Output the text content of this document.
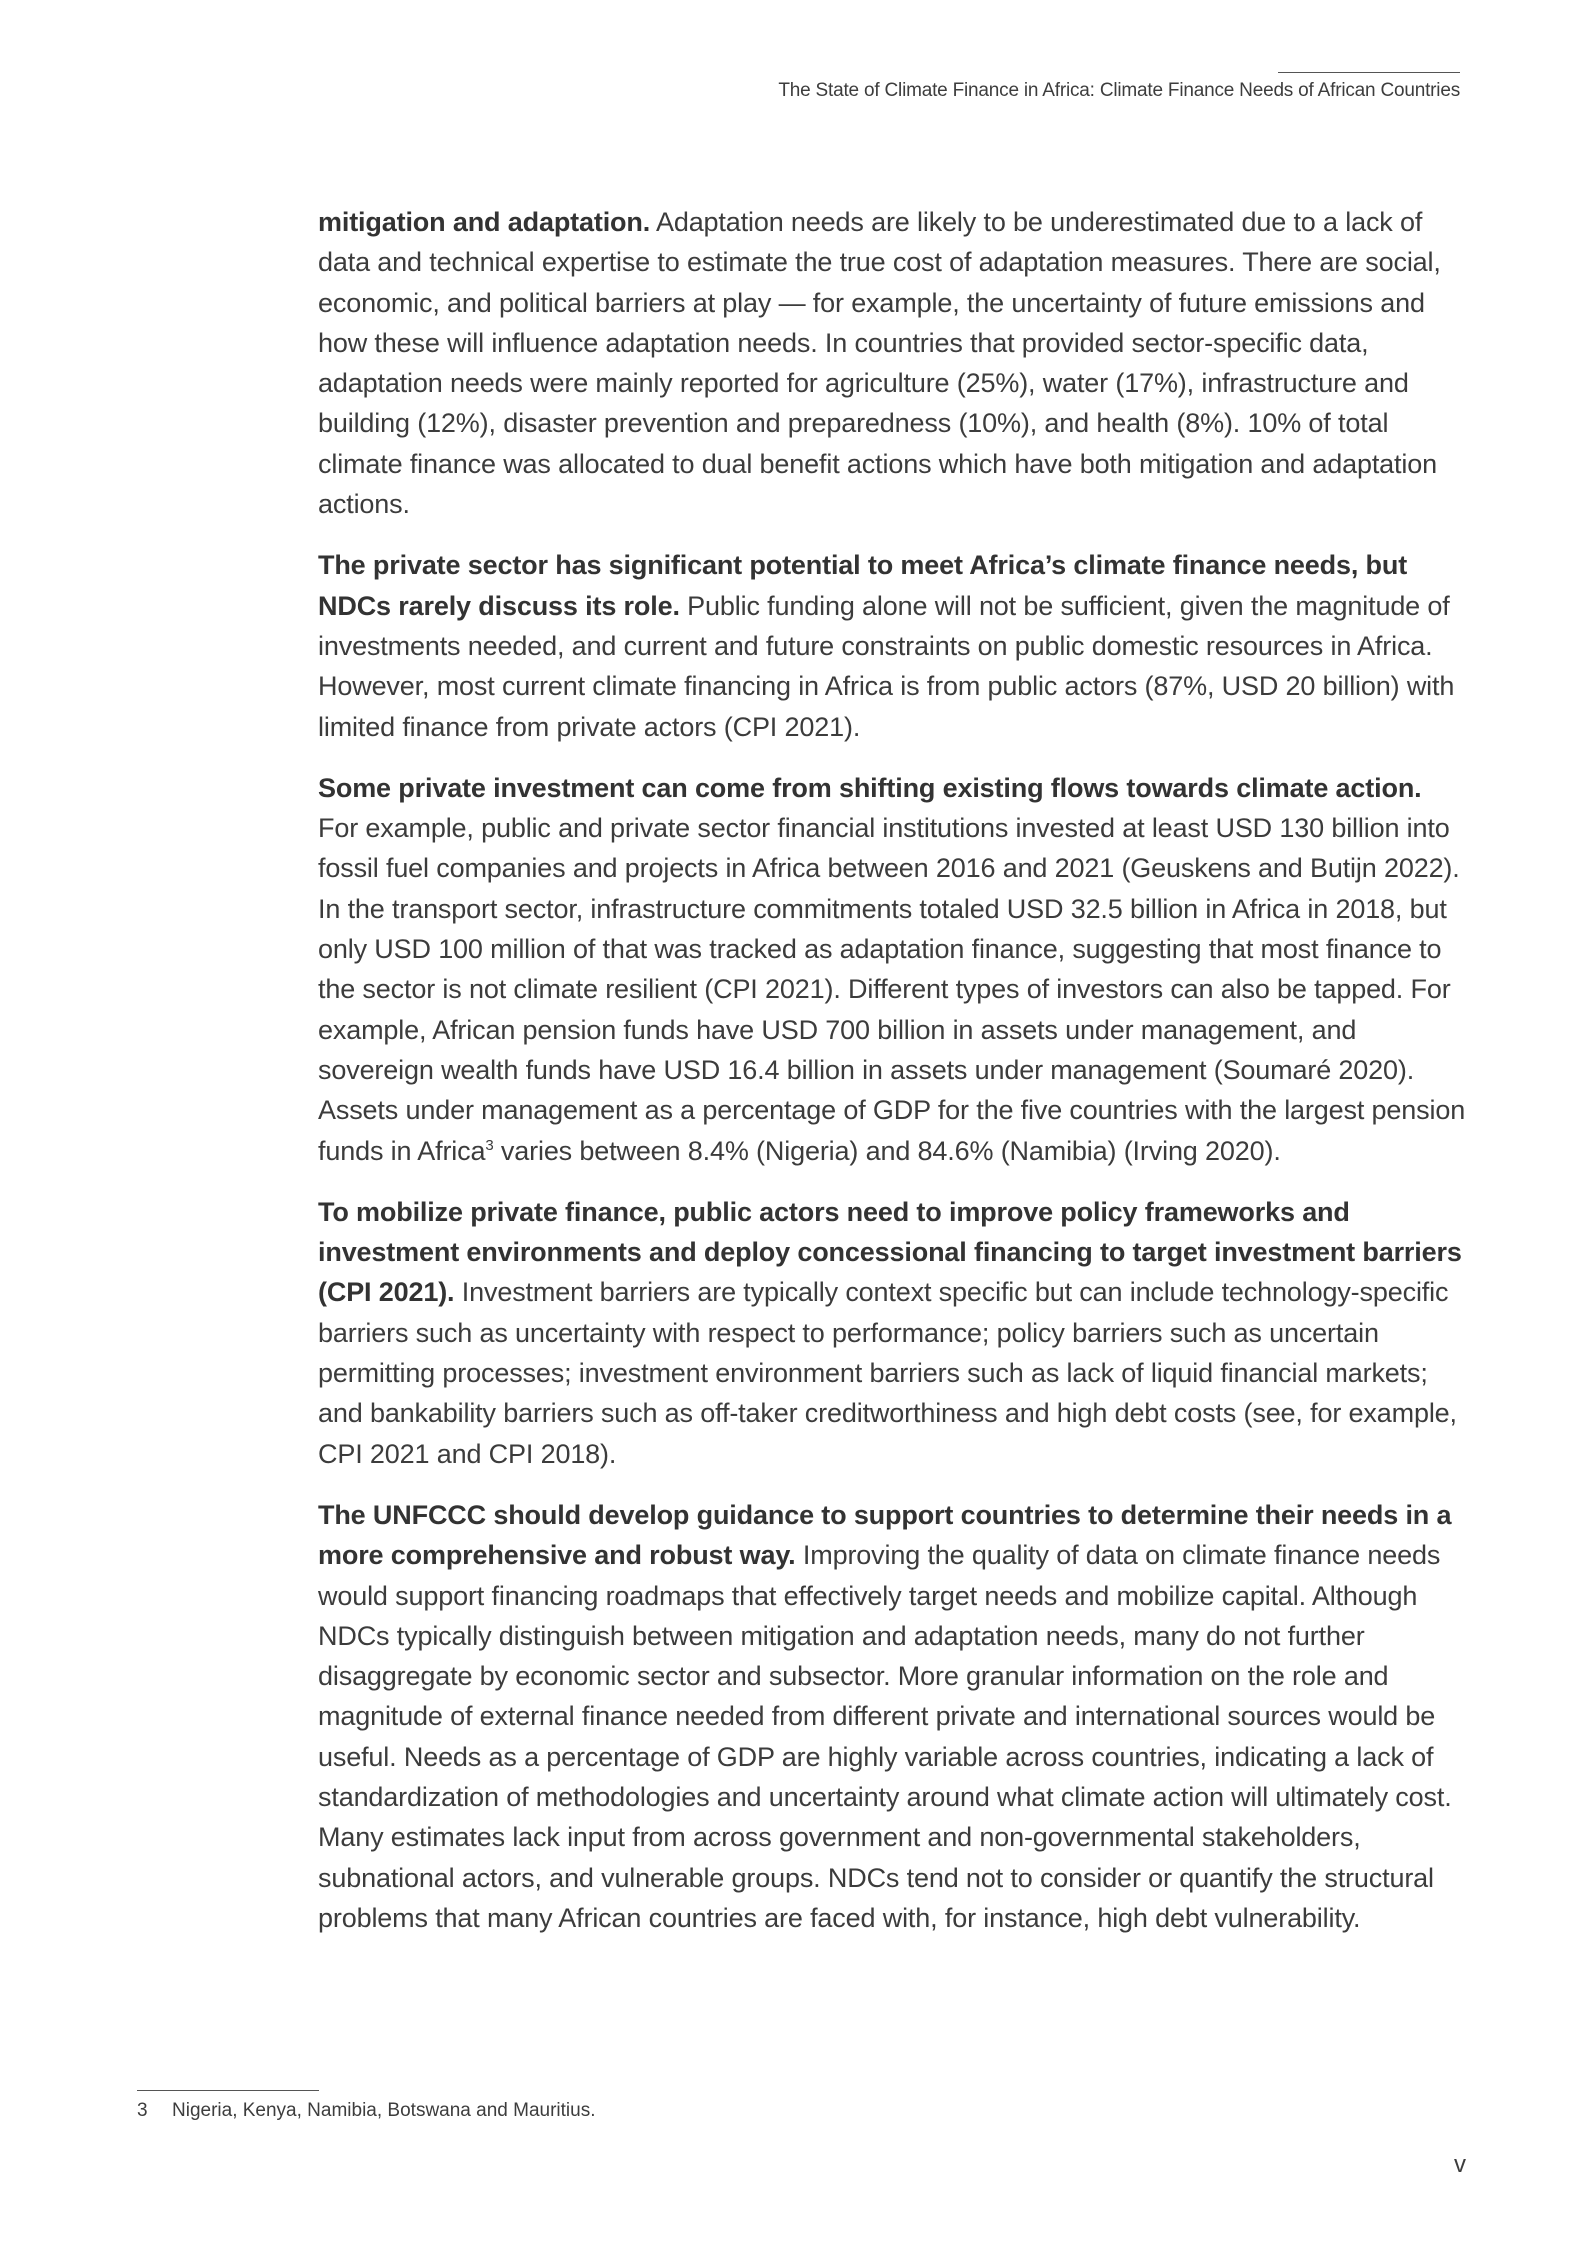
The State of Climate Finance in Africa: Climate Finance Needs of African Countries

mitigation and adaptation. Adaptation needs are likely to be underestimated due to a lack of data and technical expertise to estimate the true cost of adaptation measures. There are social, economic, and political barriers at play — for example, the uncertainty of future emissions and how these will influence adaptation needs. In countries that provided sector-specific data, adaptation needs were mainly reported for agriculture (25%), water (17%), infrastructure and building (12%), disaster prevention and preparedness (10%), and health (8%). 10% of total climate finance was allocated to dual benefit actions which have both mitigation and adaptation actions.

The private sector has significant potential to meet Africa’s climate finance needs, but NDCs rarely discuss its role. Public funding alone will not be sufficient, given the magnitude of investments needed, and current and future constraints on public domestic resources in Africa. However, most current climate financing in Africa is from public actors (87%, USD 20 billion) with limited finance from private actors (CPI 2021).

Some private investment can come from shifting existing flows towards climate action. For example, public and private sector financial institutions invested at least USD 130 billion into fossil fuel companies and projects in Africa between 2016 and 2021 (Geuskens and Butijn 2022). In the transport sector, infrastructure commitments totaled USD 32.5 billion in Africa in 2018, but only USD 100 million of that was tracked as adaptation finance, suggesting that most finance to the sector is not climate resilient (CPI 2021). Different types of investors can also be tapped. For example, African pension funds have USD 700 billion in assets under management, and sovereign wealth funds have USD 16.4 billion in assets under management (Soumaré 2020). Assets under management as a percentage of GDP for the five countries with the largest pension funds in Africa$^3$ varies between 8.4% (Nigeria) and 84.6% (Namibia) (Irving 2020).

To mobilize private finance, public actors need to improve policy frameworks and investment environments and deploy concessional financing to target investment barriers (CPI 2021). Investment barriers are typically context specific but can include technology-specific barriers such as uncertainty with respect to performance; policy barriers such as uncertain permitting processes; investment environment barriers such as lack of liquid financial markets; and bankability barriers such as off-taker creditworthiness and high debt costs (see, for example, CPI 2021 and CPI 2018).

The UNFCCC should develop guidance to support countries to determine their needs in a more comprehensive and robust way. Improving the quality of data on climate finance needs would support financing roadmaps that effectively target needs and mobilize capital. Although NDCs typically distinguish between mitigation and adaptation needs, many do not further disaggregate by economic sector and subsector. More granular information on the role and magnitude of external finance needed from different private and international sources would be useful. Needs as a percentage of GDP are highly variable across countries, indicating a lack of standardization of methodologies and uncertainty around what climate action will ultimately cost. Many estimates lack input from across government and non-governmental stakeholders, subnational actors, and vulnerable groups. NDCs tend not to consider or quantify the structural problems that many African countries are faced with, for instance, high debt vulnerability.

3 Nigeria, Kenya, Namibia, Botswana and Mauritius.
v
